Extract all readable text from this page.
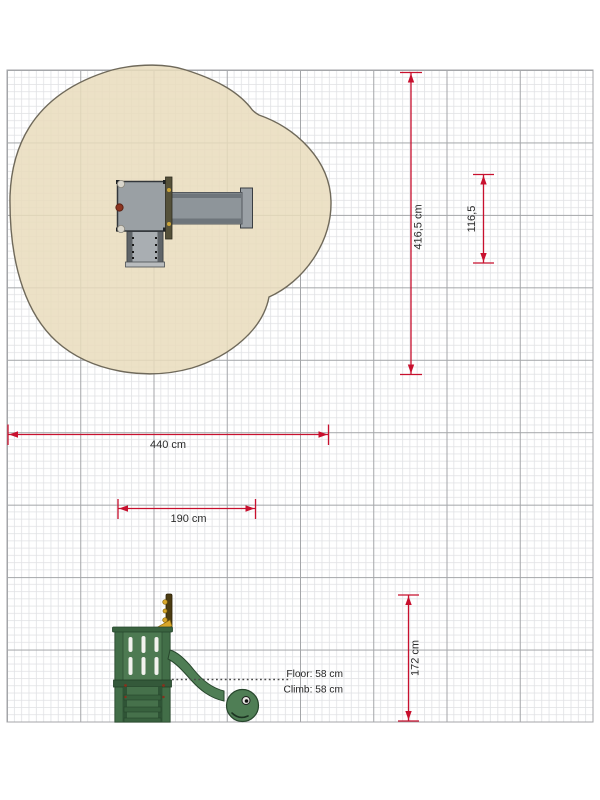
416,5 cm	116,5
440 cm
190 cm
172 cm
Floor: 58 cm
Climb: 58 cm
